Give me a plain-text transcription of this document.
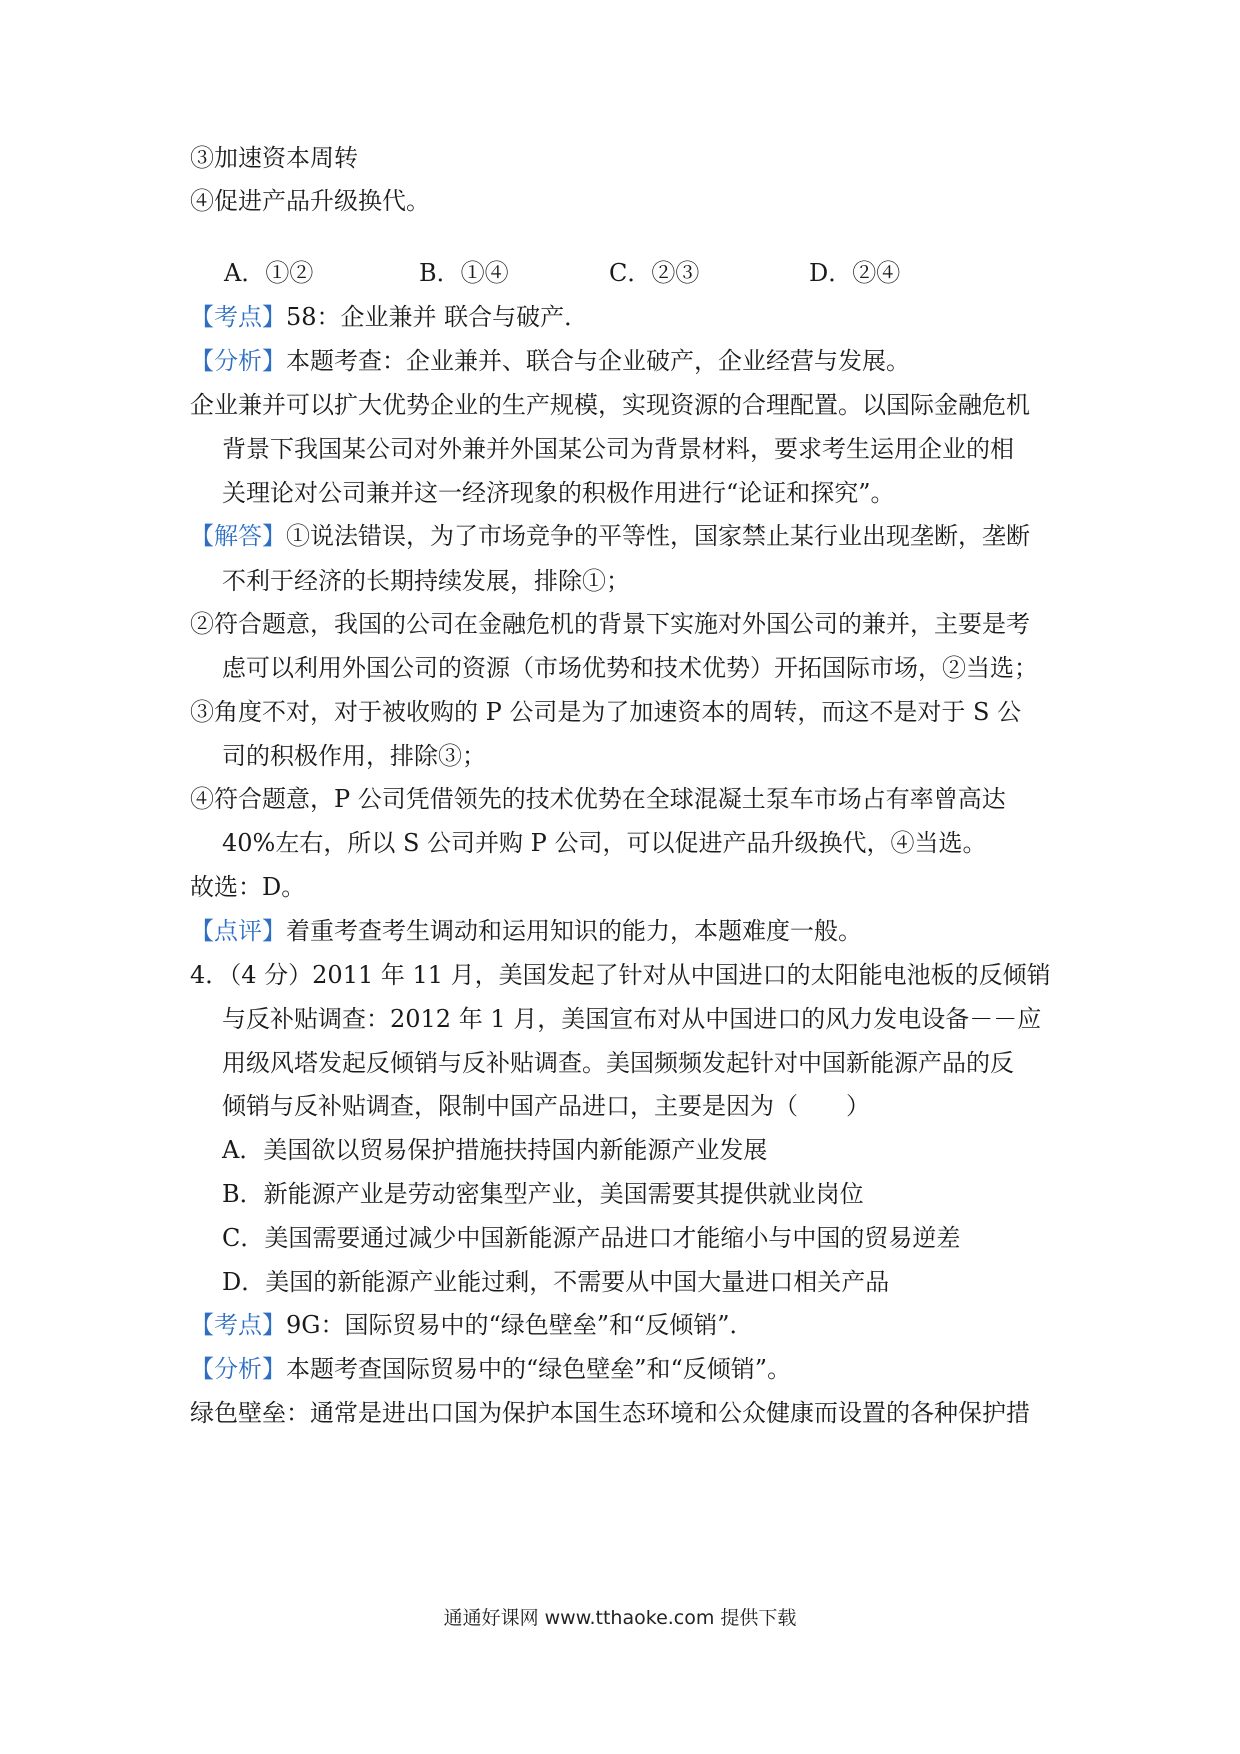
③加速资本周转
④促进产品升级换代。
A．①②	B．①④	C．②③	D．②④
【考点】58：企业兼并 联合与破产．
【分析】本题考查：企业兼并、联合与企业破产，企业经营与发展。
企业兼并可以扩大优势企业的生产规模，实现资源的合理配置。以国际金融危机
背景下我国某公司对外兼并外国某公司为背景材料，要求考生运用企业的相
关理论对公司兼并这一经济现象的积极作用进行“论证和探究”。
【解答】①说法错误，为了市场竞争的平等性，国家禁止某行业出现垄断，垄断
不利于经济的长期持续发展，排除①；
②符合题意，我国的公司在金融危机的背景下实施对外国公司的兼并，主要是考
虑可以利用外国公司的资源（市场优势和技术优势）开拓国际市场，②当选；
③角度不对，对于被收购的 P 公司是为了加速资本的周转，而这不是对于 S 公
司的积极作用，排除③；
④符合题意，P 公司凭借领先的技术优势在全球混凝土泵车市场占有率曾高达
40%左右，所以 S 公司并购 P 公司，可以促进产品升级换代，④当选。
故选：D。
【点评】着重考查考生调动和运用知识的能力，本题难度一般。
4．（4 分）2011 年 11 月，美国发起了针对从中国进口的太阳能电池板的反倾销
与反补贴调查：2012 年 1 月，美国宣布对从中国进口的风力发电设备－－应
用级风塔发起反倾销与反补贴调查。美国频频发起针对中国新能源产品的反
倾销与反补贴调查，限制中国产品进口，主要是因为（　　）
A．美国欲以贸易保护措施扶持国内新能源产业发展
B．新能源产业是劳动密集型产业，美国需要其提供就业岗位
C．美国需要通过减少中国新能源产品进口才能缩小与中国的贸易逆差
D．美国的新能源产业能过剩，不需要从中国大量进口相关产品
【考点】9G：国际贸易中的“绿色壁垒”和“反倾销”．
【分析】本题考查国际贸易中的“绿色壁垒”和“反倾销”。
绿色壁垒：通常是进出口国为保护本国生态环境和公众健康而设置的各种保护措
通通好课网 www.tthaoke.com 提供下载
